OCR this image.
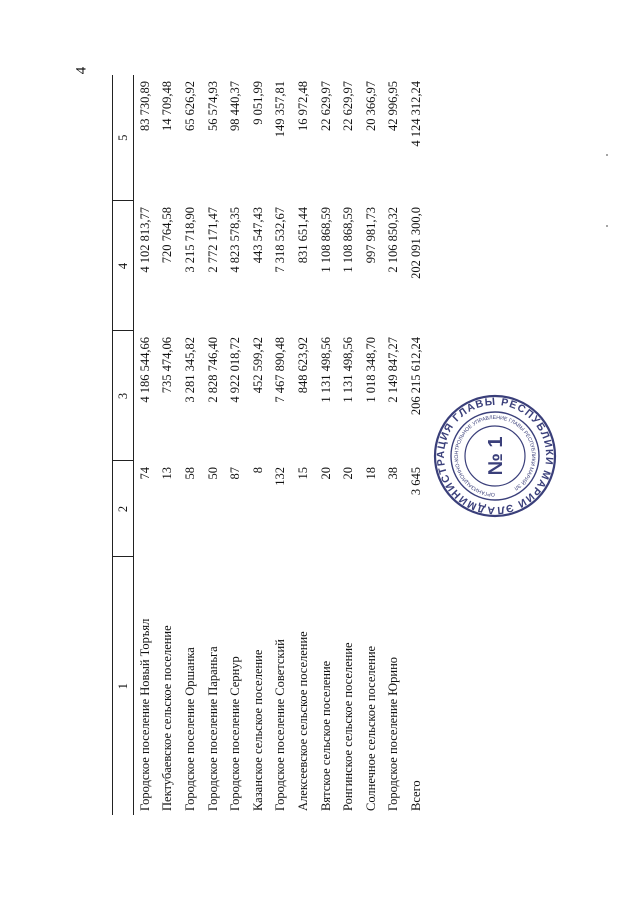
4
1	2	3	4	5
Городское поселение Новый Торъял	74	4 186 544,66	4 102 813,77	83 730,89
Пектубаевское сельское поселение	13	735 474,06	720 764,58	14 709,48
Городское поселение Оршанка	58	3 281 345,82	3 215 718,90	65 626,92
Городское поселение Параньга	50	2 828 746,40	2 772 171,47	56 574,93
Городское поселение Сернур	87	4 922 018,72	4 823 578,35	98 440,37
Казанское сельское поселение	8	452 599,42	443 547,43	9 051,99
Городское поселение Советский	132	7 467 890,48	7 318 532,67	149 357,81
Алексеевское сельское поселение	15	848 623,92	831 651,44	16 972,48
Вятское сельское поселение	20	1 131 498,56	1 108 868,59	22 629,97
Ронгинское сельское поселение	20	1 131 498,56	1 108 868,59	22 629,97
Солнечное сельское поселение	18	1 018 348,70	997 981,73	20 366,97
Городское поселение Юрино	38	2 149 847,27	2 106 850,32	42 996,95
Всего	3 645	206 215 612,24	202 091 300,0	4 124 312,24
АДМИНИСТРАЦИЯ ГЛАВЫ РЕСПУБЛИКИ МАРИЙ ЭЛ
ОРГАНИЗАЦИОННО-КОНТРОЛЬНОЕ УПРАВЛЕНИЕ ГЛАВЫ РЕСПУБЛИКИ МАРИЙ ЭЛ
№ 1
